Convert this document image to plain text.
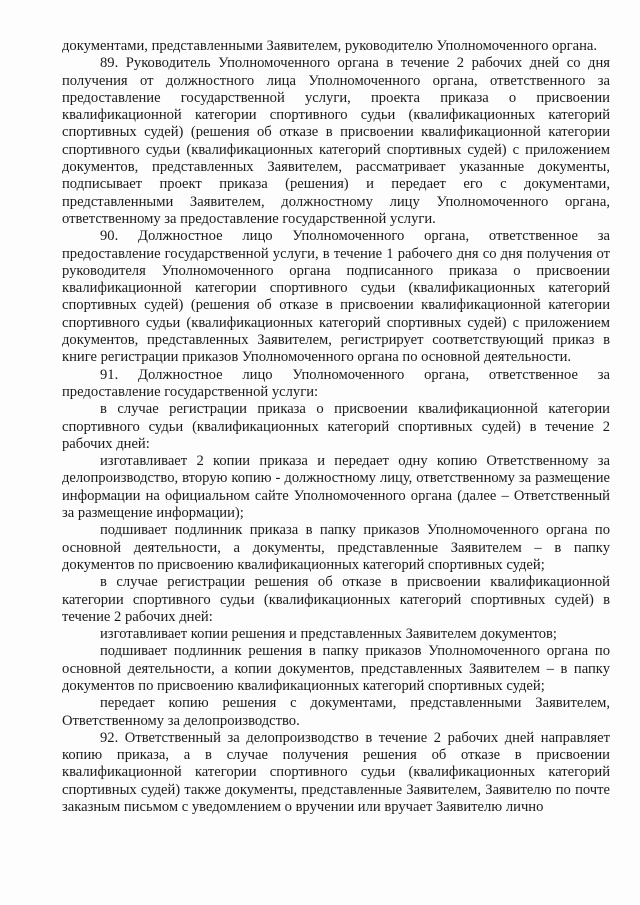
документами, представленными Заявителем, руководителю Уполномоченного органа.

89. Руководитель Уполномоченного органа в течение 2 рабочих дней со дня получения от должностного лица Уполномоченного органа, ответственного за предоставление государственной услуги, проекта приказа о присвоении квалификационной категории спортивного судьи (квалификационных категорий спортивных судей) (решения об отказе в присвоении квалификационной категории спортивного судьи (квалификационных категорий спортивных судей) с приложением документов, представленных Заявителем, рассматривает указанные документы, подписывает проект приказа (решения) и передает его с документами, представленными Заявителем, должностному лицу Уполномоченного органа, ответственному за предоставление государственной услуги.

90. Должностное лицо Уполномоченного органа, ответственное за предоставление государственной услуги, в течение 1 рабочего дня со дня получения от руководителя Уполномоченного органа подписанного приказа о присвоении квалификационной категории спортивного судьи (квалификационных категорий спортивных судей) (решения об отказе в присвоении квалификационной категории спортивного судьи (квалификационных категорий спортивных судей) с приложением документов, представленных Заявителем, регистрирует соответствующий приказ в книге регистрации приказов Уполномоченного органа по основной деятельности.

91. Должностное лицо Уполномоченного органа, ответственное за предоставление государственной услуги:

в случае регистрации приказа о присвоении квалификационной категории спортивного судьи (квалификационных категорий спортивных судей) в течение 2 рабочих дней:

изготавливает 2 копии приказа и передает одну копию Ответственному за делопроизводство, вторую копию - должностному лицу, ответственному за размещение информации на официальном сайте Уполномоченного органа (далее – Ответственный за размещение информации);

подшивает подлинник приказа в папку приказов Уполномоченного органа по основной деятельности, а документы, представленные Заявителем – в папку документов по присвоению квалификационных категорий спортивных судей;

в случае регистрации решения об отказе в присвоении квалификационной категории спортивного судьи (квалификационных категорий спортивных судей) в течение 2 рабочих дней:

изготавливает копии решения и представленных Заявителем документов;

подшивает подлинник решения в папку приказов Уполномоченного органа по основной деятельности, а копии документов, представленных Заявителем – в папку документов по присвоению квалификационных категорий спортивных судей;

передает копию решения с документами, представленными Заявителем, Ответственному за делопроизводство.

92. Ответственный за делопроизводство в течение 2 рабочих дней направляет копию приказа, а в случае получения решения об отказе в присвоении квалификационной категории спортивного судьи (квалификационных категорий спортивных судей) также документы, представленные Заявителем, Заявителю по почте заказным письмом с уведомлением о вручении или вручает Заявителю лично
